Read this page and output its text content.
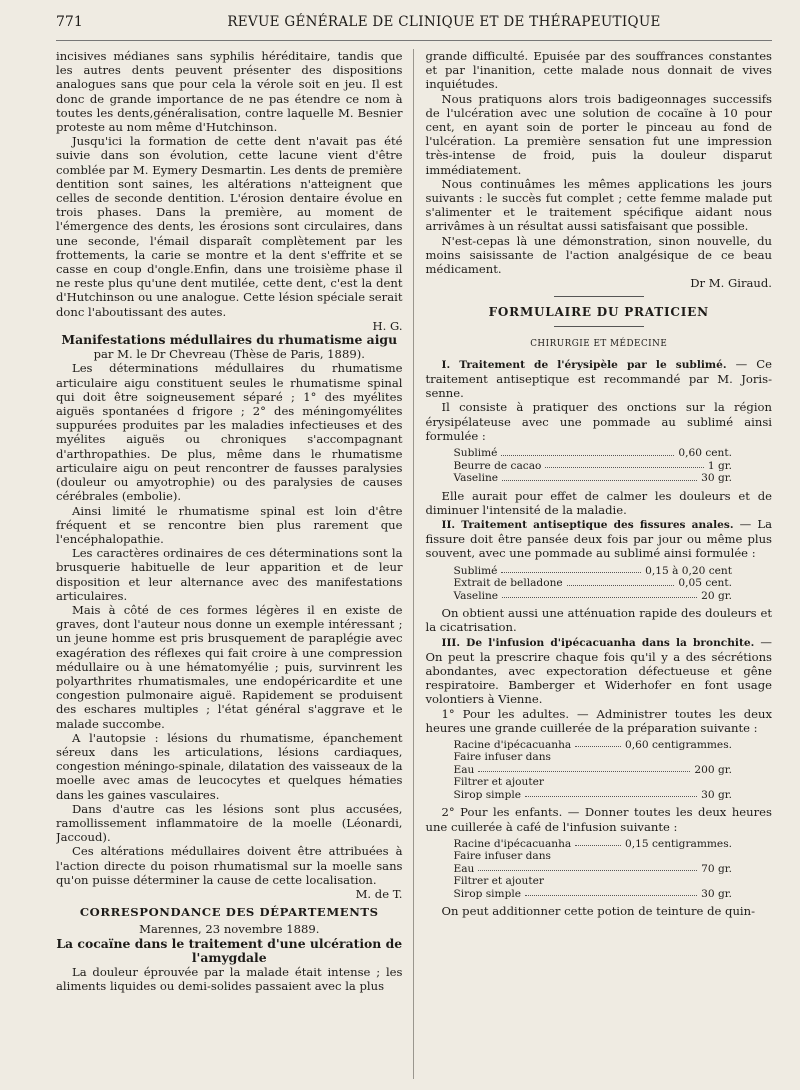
771	REVUE GÉNÉRALE DE CLINIQUE ET DE THÉRAPEUTIQUE

incisives médianes sans syphilis héréditaire, tandis que les autres dents peuvent présenter des dispositions analogues sans que pour cela la vérole soit en jeu. Il est donc de grande importance de ne pas étendre ce nom à toutes les dents,généralisation, contre laquelle M. Besnier proteste au nom même d'Hutchinson.

Jusqu'ici la formation de cette dent n'avait pas été suivie dans son évolution, cette lacune vient d'être comblée par M. Eymery Desmartin. Les dents de première dentition sont saines, les altérations n'atteignent que celles de seconde dentition. L'érosion dentaire évolue en trois phases. Dans la première, au moment de l'émergence des dents, les érosions sont circulaires, dans une seconde, l'émail disparaît complètement par les frottements, la carie se montre et la dent s'effrite et se casse en coup d'ongle.Enfin, dans une troisième phase il ne reste plus qu'une dent mutilée, cette dent, c'est la dent d'Hutchinson ou une analogue. Cette lésion spéciale serait donc l'aboutissant des autes.

H. G.

Manifestations médullaires du rhumatisme aigu

par M. le Dr Chevreau (Thèse de Paris, 1889).

Les déterminations médullaires du rhumatisme articulaire aigu constituent seules le rhumatisme spinal qui doit être soigneusement séparé ; 1° des myélites aiguës spontanées d frigore ; 2° des méningomyélites suppurées produites par les maladies infectieuses et des myélites aiguës ou chroniques s'accompagnant d'arthropathies. De plus, même dans le rhumatisme articulaire aigu on peut rencontrer de fausses paralysies (douleur ou amyotrophie) ou des paralysies de causes cérébrales (embolie).

Ainsi limité le rhumatisme spinal est loin d'être fréquent et se rencontre bien plus rarement que l'encéphalopathie.

Les caractères ordinaires de ces déterminations sont la brusquerie habituelle de leur apparition et de leur disposition et leur alternance avec des manifestations articulaires.

Mais à côté de ces formes légères il en existe de graves, dont l'auteur nous donne un exemple intéressant ; un jeune homme est pris brusquement de paraplégie avec exagération des réflexes qui fait croire à une compression médullaire ou à une hématomyélie ; puis, survinrent les polyarthrites rhumatismales, une endopéricardite et une congestion pulmonaire aiguë. Rapidement se produisent des eschares multiples ; l'état général s'aggrave et le malade succombe.

A l'autopsie : lésions du rhumatisme, épanchement séreux dans les articulations, lésions cardiaques, congestion méningo-spinale, dilatation des vaisseaux de la moelle avec amas de leucocytes et quelques hématies dans les gaines vasculaires.

Dans d'autre cas les lésions sont plus accusées, ramollissement inflammatoire de la moelle (Léonardi, Jaccoud).

Ces altérations médullaires doivent être attribuées à l'action directe du poison rhumatismal sur la moelle sans qu'on puisse déterminer la cause de cette localisation.

M. de T.

CORRESPONDANCE DES DÉPARTEMENTS

Marennes, 23 novembre 1889.

La cocaïne dans le traitement d'une ulcération de l'amygdale

La douleur éprouvée par la malade était intense ; les aliments liquides ou demi-solides passaient avec la plus

grande difficulté. Epuisée par des souffrances constantes et par l'inanition, cette malade nous donnait de vives inquiétudes.

Nous pratiquons alors trois badigeonnages successifs de l'ulcération avec une solution de cocaïne à 10 pour cent, en ayant soin de porter le pinceau au fond de l'ulcération. La première sensation fut une impression très-intense de froid, puis la douleur disparut immédiatement.

Nous continuâmes les mêmes applications les jours suivants : le succès fut complet ; cette femme malade put s'alimenter et le traitement spécifique aidant nous arrivâmes à un résultat aussi satisfaisant que possible.

N'est-cepas là une démonstration, sinon nouvelle, du moins saisissante de l'action analgésique de ce beau médicament.

Dr M. Giraud.

FORMULAIRE DU PRATICIEN

CHIRURGIE ET MÉDECINE

I. Traitement de l'érysipèle par le sublimé. — Ce traitement antiseptique est recommandé par M. Joris-senne.

Il consiste à pratiquer des onctions sur la région érysipélateuse avec une pommade au sublimé ainsi formulée :

Sublimé	0,60 cent.
Beurre de cacao	1 gr.
Vaseline	30 gr.

Elle aurait pour effet de calmer les douleurs et de diminuer l'intensité de la maladie.

II. Traitement antiseptique des fissures anales. — La fissure doit être pansée deux fois par jour ou même plus souvent, avec une pommade au sublimé ainsi formulée :

Sublimé	0,15 à 0,20 cent
Extrait de belladone	0,05 cent.
Vaseline	20 gr.

On obtient aussi une atténuation rapide des douleurs et la cicatrisation.

III. De l'infusion d'ipécacuanha dans la bronchite. — On peut la prescrire chaque fois qu'il y a des sécrétions abondantes, avec expectoration défectueuse et gêne respiratoire. Bamberger et Widerhofer en font usage volontiers à Vienne.

1° Pour les adultes. — Administrer toutes les deux heures une grande cuillerée de la préparation suivante :

Racine d'ipécacuanha	0,60 centigrammes.
Faire infuser dans
Eau	200 gr.
Filtrer et ajouter
Sirop simple	30 gr.

2° Pour les enfants. — Donner toutes les deux heures une cuillerée à café de l'infusion suivante :

Racine d'ipécacuanha	0,15 centigrammes.
Faire infuser dans
Eau	70 gr.
Filtrer et ajouter
Sirop simple	30 gr.

On peut additionner cette potion de teinture de quin-
